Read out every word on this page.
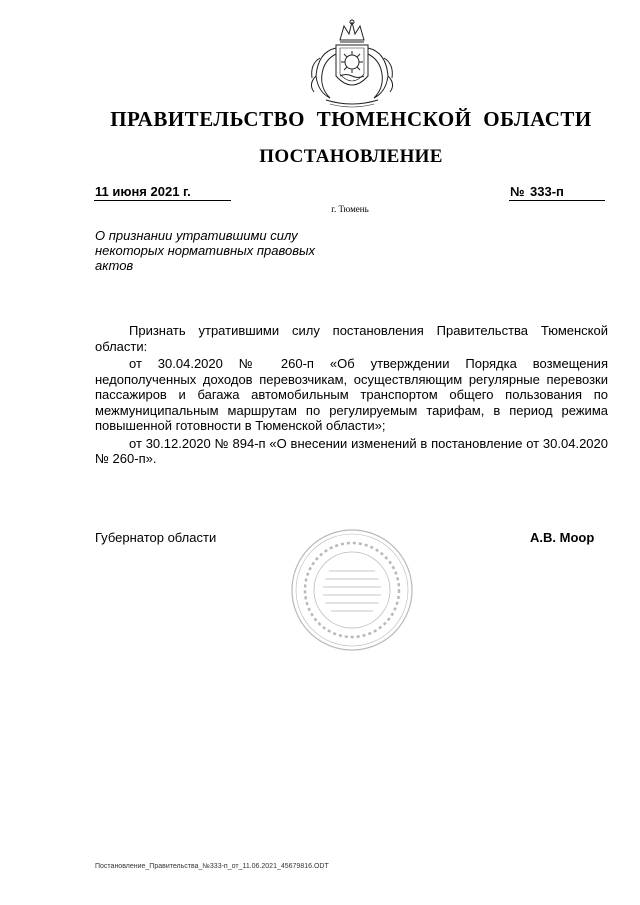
ПРАВИТЕЛЬСТВО ТЮМЕНСКОЙ ОБЛАСТИ
ПОСТАНОВЛЕНИЕ
11 июня 2021 г.	№ 333-п
г. Тюмень
О признании утратившими силу некоторых нормативных правовых актов

Признать утратившими силу постановления Правительства Тюменской области:

от 30.04.2020 № 260-п «Об утверждении Порядка возмещения недополученных доходов перевозчикам, осуществляющим регулярные перевозки пассажиров и багажа автомобильным транспортом общего пользования по межмуниципальным маршрутам по регулируемым тарифам, в период режима повышенной готовности в Тюменской области»;

от 30.12.2020 № 894-п «О внесении изменений в постановление от 30.04.2020 № 260-п».

Губернатор области	А.В. Моор
Постановление_Правительства_№333-п_от_11.06.2021_45679816.ODT
